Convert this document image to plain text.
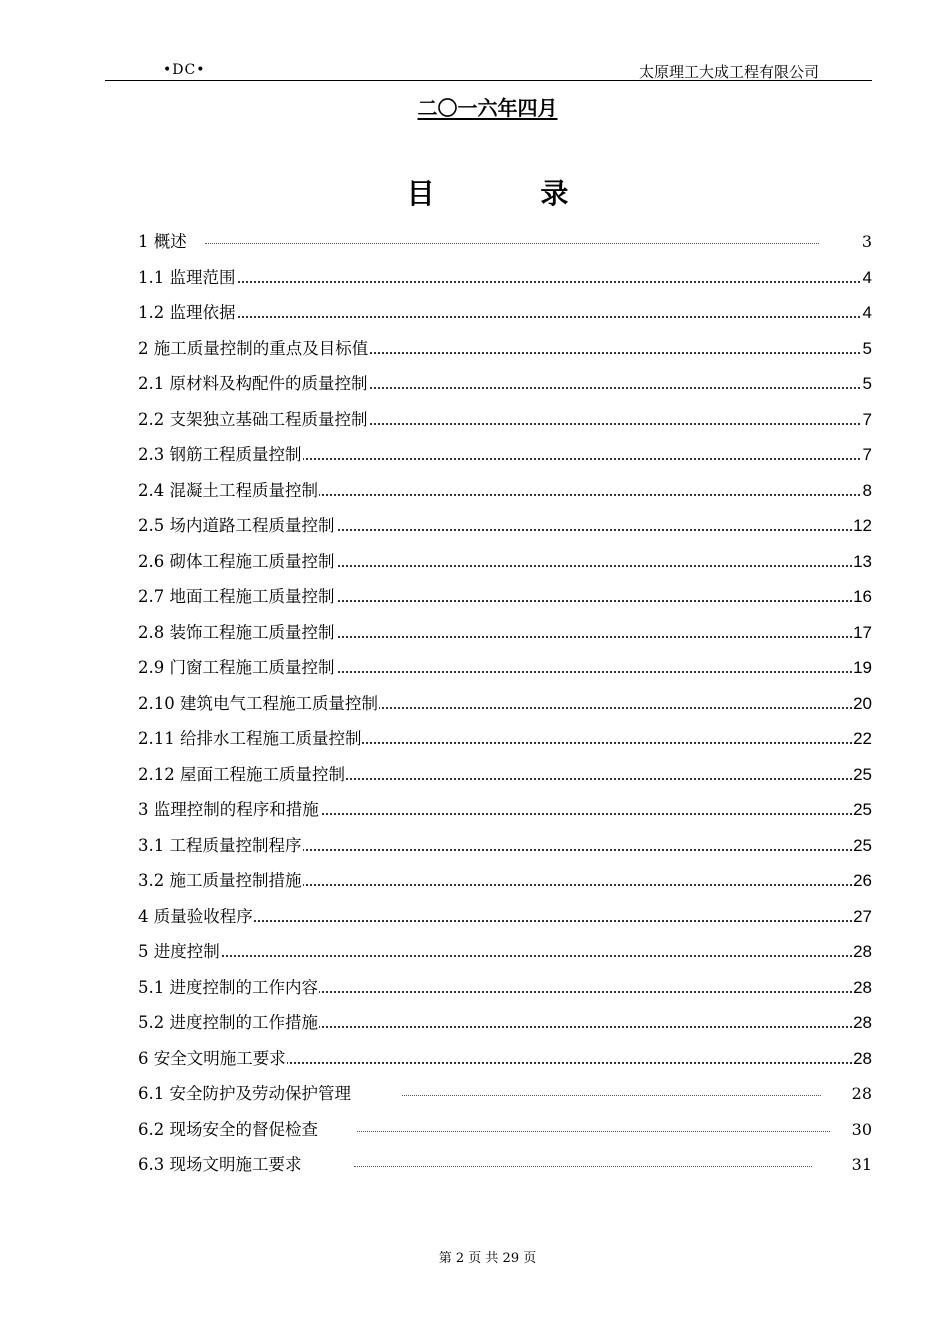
•DC•	太原理工大成工程有限公司
二〇一六年四月
目 录
1 概述	3
1.1 监理范围	4
1.2 监理依据	4
2 施工质量控制的重点及目标值	5
2.1 原材料及构配件的质量控制	5
2.2 支架独立基础工程质量控制	7
2.3 钢筋工程质量控制	7
2.4 混凝土工程质量控制	8
2.5 场内道路工程质量控制	12
2.6 砌体工程施工质量控制	13
2.7 地面工程施工质量控制	16
2.8 装饰工程施工质量控制	17
2.9 门窗工程施工质量控制	19
2.10 建筑电气工程施工质量控制	20
2.11 给排水工程施工质量控制	22
2.12 屋面工程施工质量控制	25
3 监理控制的程序和措施	25
3.1 工程质量控制程序	25
3.2 施工质量控制措施	26
4 质量验收程序	27
5 进度控制	28
5.1 进度控制的工作内容	28
5.2 进度控制的工作措施	28
6 安全文明施工要求	28
6.1 安全防护及劳动保护管理	28
6.2 现场安全的督促检查	30
6.3 现场文明施工要求	31
第 2 页 共 29 页
